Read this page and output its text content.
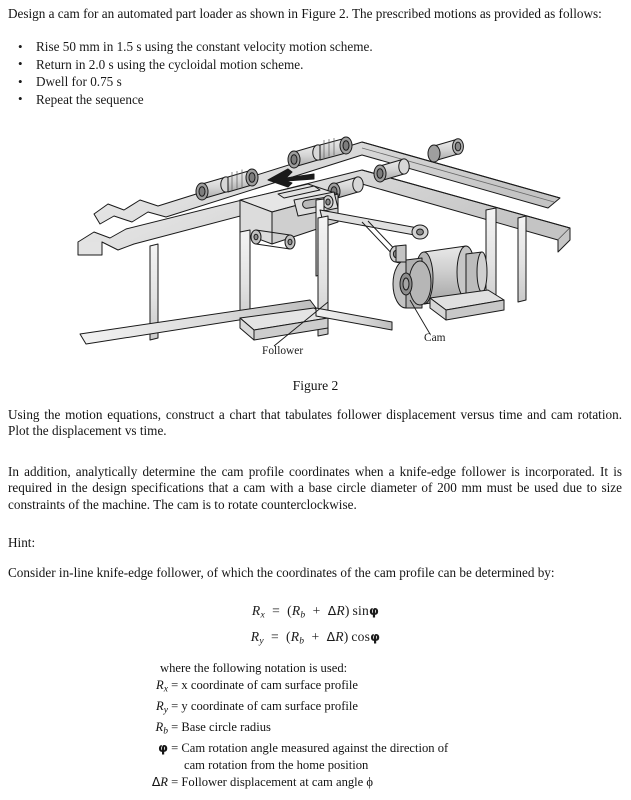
Design a cam for an automated part loader as shown in Figure 2. The prescribed motions as provided as follows:
• Rise 50 mm in 1.5 s using the constant velocity motion scheme.
• Return in 2.0 s using the cycloidal motion scheme.
• Dwell for 0.75 s
• Repeat the sequence
Follower
Cam
Figure 2
Using the motion equations, construct a chart that tabulates follower displacement versus time and cam rotation. Plot the displacement vs time.
In addition, analytically determine the cam profile coordinates when a knife-edge follower is incorporated. It is required in the design specifications that a cam with a base circle diameter of 200 mm must be used due to size constraints of the machine. The cam is to rotate counterclockwise.
Hint:
Consider in-line knife-edge follower, of which the coordinates of the cam profile can be determined by:
$R_x = (R_b + \Delta R)$ sinφ
$R_y = (R_b + \Delta R)$ cosφ
where the following notation is used:
$R_x = x$ coordinate of cam surface profile
$R_y = y$ coordinate of cam surface profile
$R_b$ = Base circle radius
φ = Cam rotation angle measured against the direction of
cam rotation from the home position
ΔR = Follower displacement at cam angle ϕ
